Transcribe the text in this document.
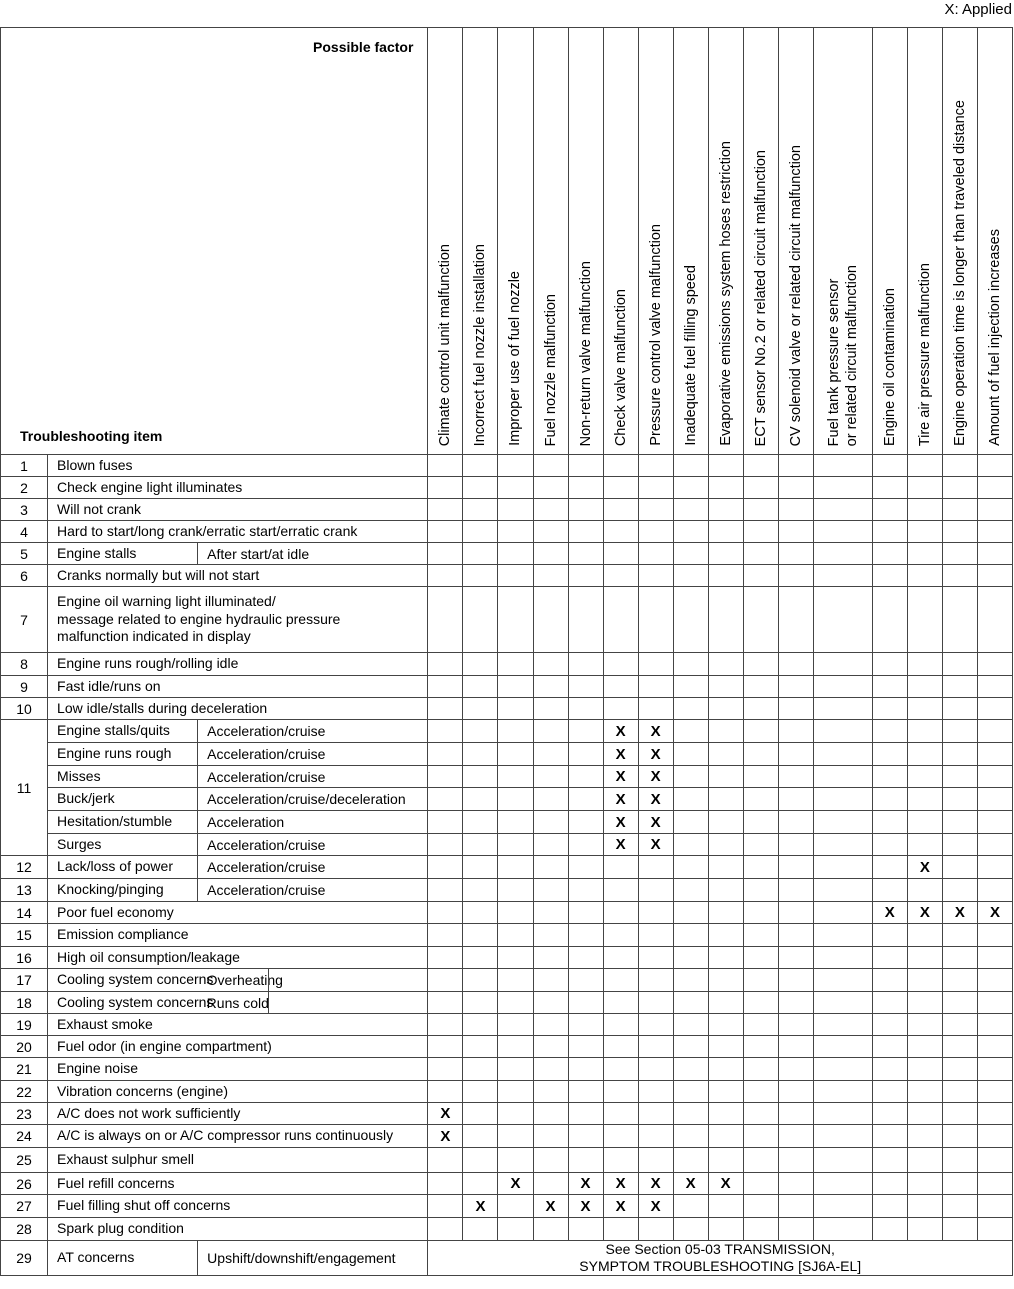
X: Applied
Possible factor
Troubleshooting item			Climate control unit malfunction	Incorrect fuel nozzle installation	Improper use of fuel nozzle	Fuel nozzle malfunction	Non-return valve malfunction	Check valve malfunction	Pressure control valve malfunction	Inadequate fuel filling speed	Evaporative emissions system hoses restriction	ECT sensor No.2 or related circuit malfunction	CV solenoid valve or related circuit malfunction	Fuel tank pressure sensor
or related circuit malfunction	Engine oil contamination	Tire air pressure malfunction	Engine operation time is longer than traveled distance	Amount of fuel injection increases

1	Blown fuses																	
2	Check engine light illuminates																	
3	Will not crank																	
4	Hard to start/long crank/erratic start/erratic crank																	
5	Engine stalls	After start/at idle																
6	Cranks normally but will not start																	
7	Engine oil warning light illuminated/
message related to engine hydraulic pressure
malfunction indicated in display																	
8	Engine runs rough/rolling idle																	
9	Fast idle/runs on																	
10	Low idle/stalls during deceleration																	
11	Engine stalls/quits	Acceleration/cruise						X	X									
	Engine runs rough	Acceleration/cruise						X	X									
	Misses	Acceleration/cruise						X	X									
	Buck/jerk	Acceleration/cruise/deceleration						X	X									
	Hesitation/stumble	Acceleration						X	X									
	Surges	Acceleration/cruise						X	X									
12	Lack/loss of power	Acceleration/cruise														X		
13	Knocking/pinging	Acceleration/cruise																
14	Poor fuel economy														X	X	X	X
15	Emission compliance																	
16	High oil consumption/leakage																	
17	Cooling system concerns	Overheating

18	Cooling system concerns	Runs cold

19	Exhaust smoke																	
20	Fuel odor (in engine compartment)																	
21	Engine noise																	
22	Vibration concerns (engine)																	
23	A/C does not work sufficiently		X															
24	A/C is always on or A/C compressor runs continuously		X															
25	Exhaust sulphur smell																	
26	Fuel refill concerns				X		X	X	X	X	X							
27	Fuel filling shut off concerns			X		X	X	X	X									
28	Spark plug condition																	
29	AT concerns	Upshift/downshift/engagement	See Section 05-03 TRANSMISSION,
SYMPTOM TROUBLESHOOTING [SJ6A-EL]															
